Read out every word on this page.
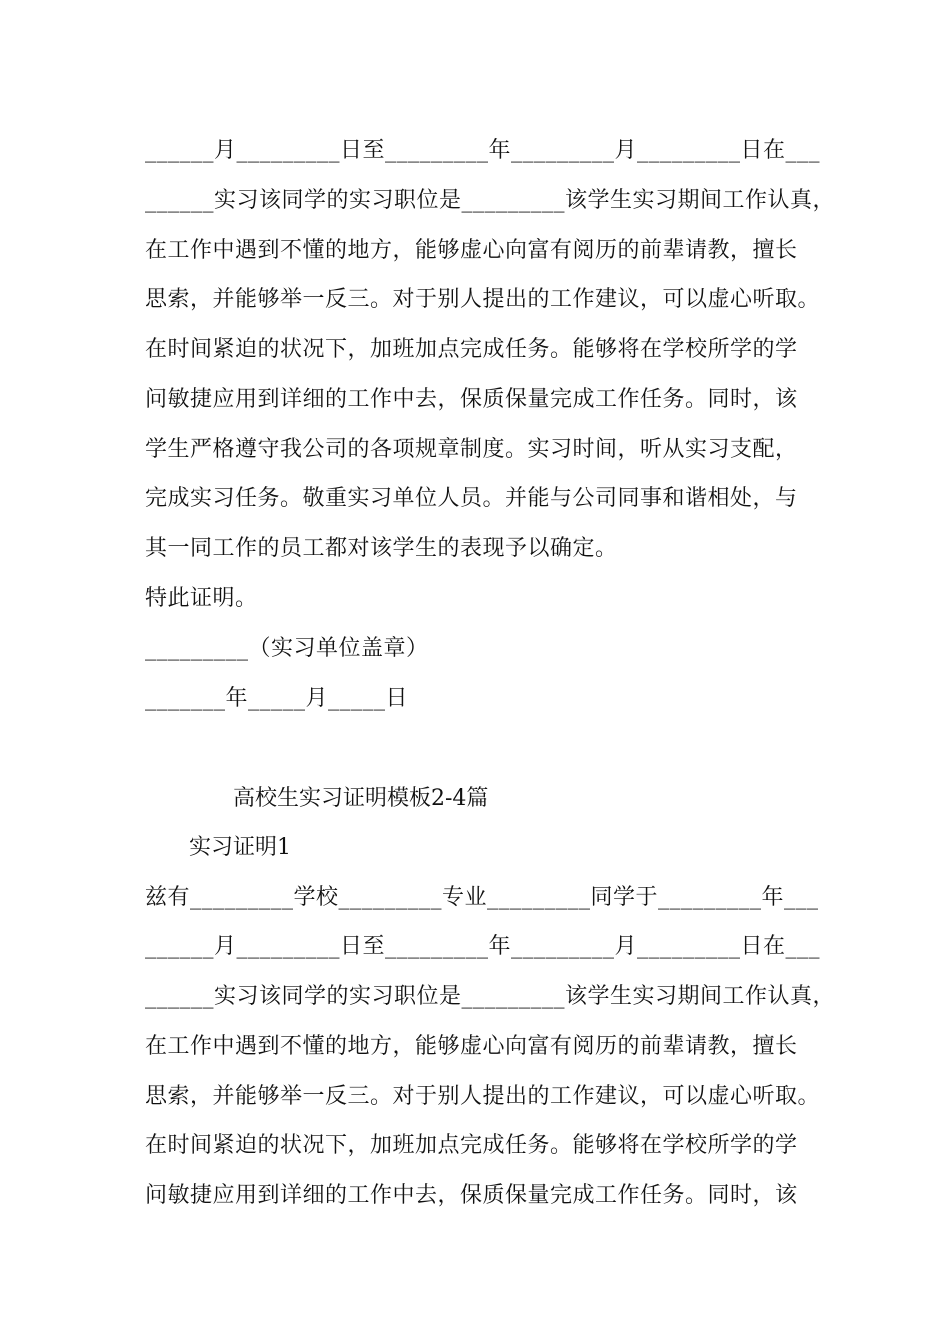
______月_________日至_________年_________月_________日在___
______实习该同学的实习职位是_________该学生实习期间工作认真，
在工作中遇到不懂的地方，能够虚心向富有阅历的前辈请教，擅长
思索，并能够举一反三。对于别人提出的工作建议，可以虚心听取。
在时间紧迫的状况下，加班加点完成任务。能够将在学校所学的学
问敏捷应用到详细的工作中去，保质保量完成工作任务。同时，该
学生严格遵守我公司的各项规章制度。实习时间，听从实习支配，
完成实习任务。敬重实习单位人员。并能与公司同事和谐相处，与
其一同工作的员工都对该学生的表现予以确定。
特此证明。
_________（实习单位盖章）
_______年_____月_____日
高校生实习证明模板2-4篇
实习证明1
兹有_________学校_________专业_________同学于_________年___
______月_________日至_________年_________月_________日在___
______实习该同学的实习职位是_________该学生实习期间工作认真，
在工作中遇到不懂的地方，能够虚心向富有阅历的前辈请教，擅长
思索，并能够举一反三。对于别人提出的工作建议，可以虚心听取。
在时间紧迫的状况下，加班加点完成任务。能够将在学校所学的学
问敏捷应用到详细的工作中去，保质保量完成工作任务。同时，该
